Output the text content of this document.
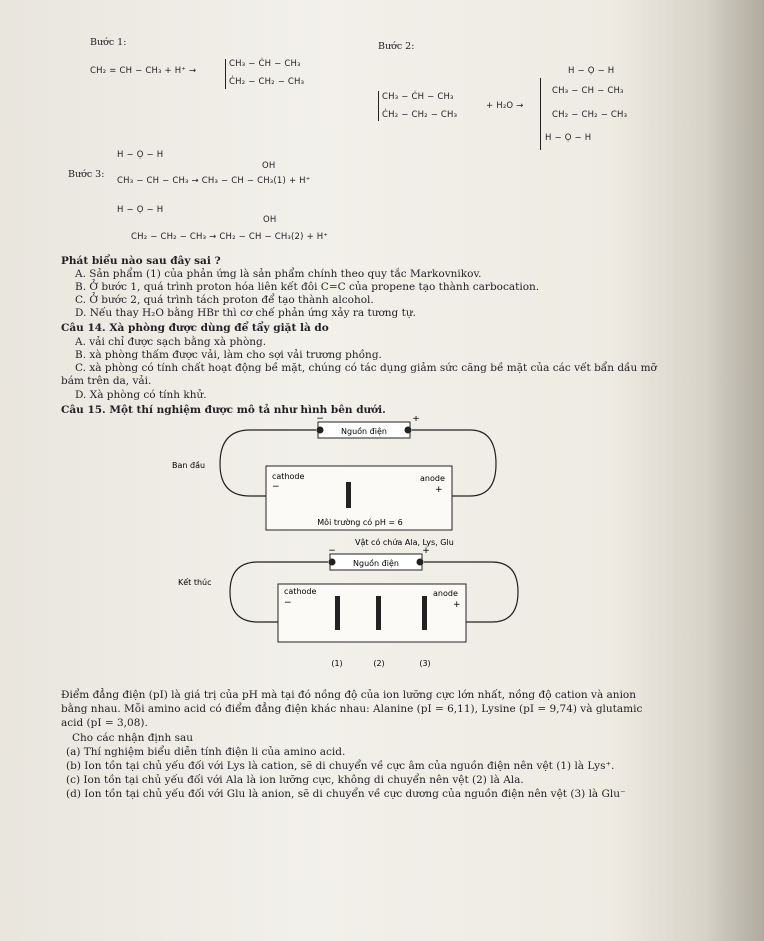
Bước 1:
CH₂ = CH − CH₃ + H⁺ →
CH₃ − ĊH − CH₃
ĊH₂ − CH₂ − CH₃
Bước 2:
CH₃ − ĊH − CH₃
ĊH₂ − CH₂ − CH₃
+ H₂O →
H − Ọ − H
CH₃ − CH − CH₃
CH₂ − CH₂ − CH₃
H − Ọ − H
Bước 3:
H − Ọ − H
CH₃ − CH − CH₃ → CH₃ − CH − CH₃(1) + H⁺
OH
H − Ọ − H
CH₂ − CH₂ − CH₃ → CH₂ − CH − CH₃(2) + H⁺
OH
Phát biểu nào sau đây sai ?
A. Sản phẩm (1) của phản ứng là sản phẩm chính theo quy tắc Markovnikov.
B. Ở bước 1, quá trình proton hóa liên kết đôi C=C của propene tạo thành carbocation.
C. Ở bước 2, quá trình tách proton để tạo thành alcohol.
D. Nếu thay H₂O bằng HBr thì cơ chế phản ứng xảy ra tương tự.
Câu 14. Xà phòng được dùng để tẩy giặt là do
A. vải chỉ được sạch bằng xà phòng.
B. xà phòng thấm được vải, làm cho sợi vải trương phồng.
C. xà phòng có tính chất hoạt động bề mặt, chúng có tác dụng giảm sức căng bề mặt của các vết bẩn dầu mỡ
bám trên da, vải.
D. Xà phòng có tính khử.
Câu 15. Một thí nghiệm được mô tả như hình bên dưới.
Nguồn điện
−	+
cathode
−
anode
+
Môi trường có pH = 6
Ban đầu
Vật có chứa Ala, Lys, Glu
Nguồn điện
−	+
cathode
−
anode
+
(1)	(2)	(3)
Kết thúc
Điểm đẳng điện (pI) là giá trị của pH mà tại đó nồng độ của ion lưỡng cực lớn nhất, nồng độ cation và anion
bằng nhau. Mỗi amino acid có điểm đẳng điện khác nhau: Alanine (pI = 6,11), Lysine (pI = 9,74) và glutamic
acid (pI = 3,08).
Cho các nhận định sau
(a) Thí nghiệm biểu diễn tính điện li của amino acid.
(b) Ion tồn tại chủ yếu đối với Lys là cation, sẽ di chuyển về cực âm của nguồn điện nên vệt (1) là Lys⁺.
(c) Ion tồn tại chủ yếu đối với Ala là ion lưỡng cực, không di chuyển nên vệt (2) là Ala.
(d) Ion tồn tại chủ yếu đối với Glu là anion, sẽ di chuyển về cực dương của nguồn điện nên vệt (3) là Glu⁻
